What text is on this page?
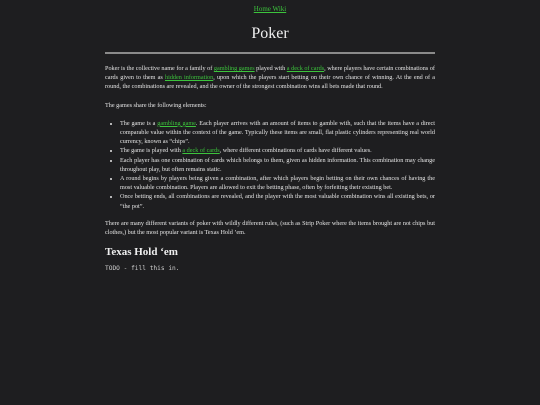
Home Wiki
Poker

Poker is the collective name for a family of gambling games played with a deck of cards, where players have certain combinations of cards given to them as hidden information, upon which the players start betting on their own chance of winning. At the end of a round, the combinations are revealed, and the owner of the strongest combination wins all bets made that round.

The games share the following elements:

• The game is a gambling game. Each player arrives with an amount of items to gamble with, such that the items have a direct comparable value within the context of the game. Typically these items are small, flat plastic cylinders representing real world currency, known as “chips”.
• The game is played with a deck of cards, where different combinations of cards have different values.
• Each player has one combination of cards which belongs to them, given as hidden information. This combination may change throughout play, but often remains static.
• A round begins by players being given a combination, after which players begin betting on their own chances of having the most valuable combination. Players are allowed to exit the betting phase, often by forfeiting their existing bet.
• Once betting ends, all combinations are revealed, and the player with the most valuable combination wins all existing bets, or “the pot”.

There are many different variants of poker with wildly different rules, (such as Strip Poker where the items brought are not chips but clothes,) but the most popular variant is Texas Hold ’em.

Texas Hold ‘em
TODO - fill this in.
